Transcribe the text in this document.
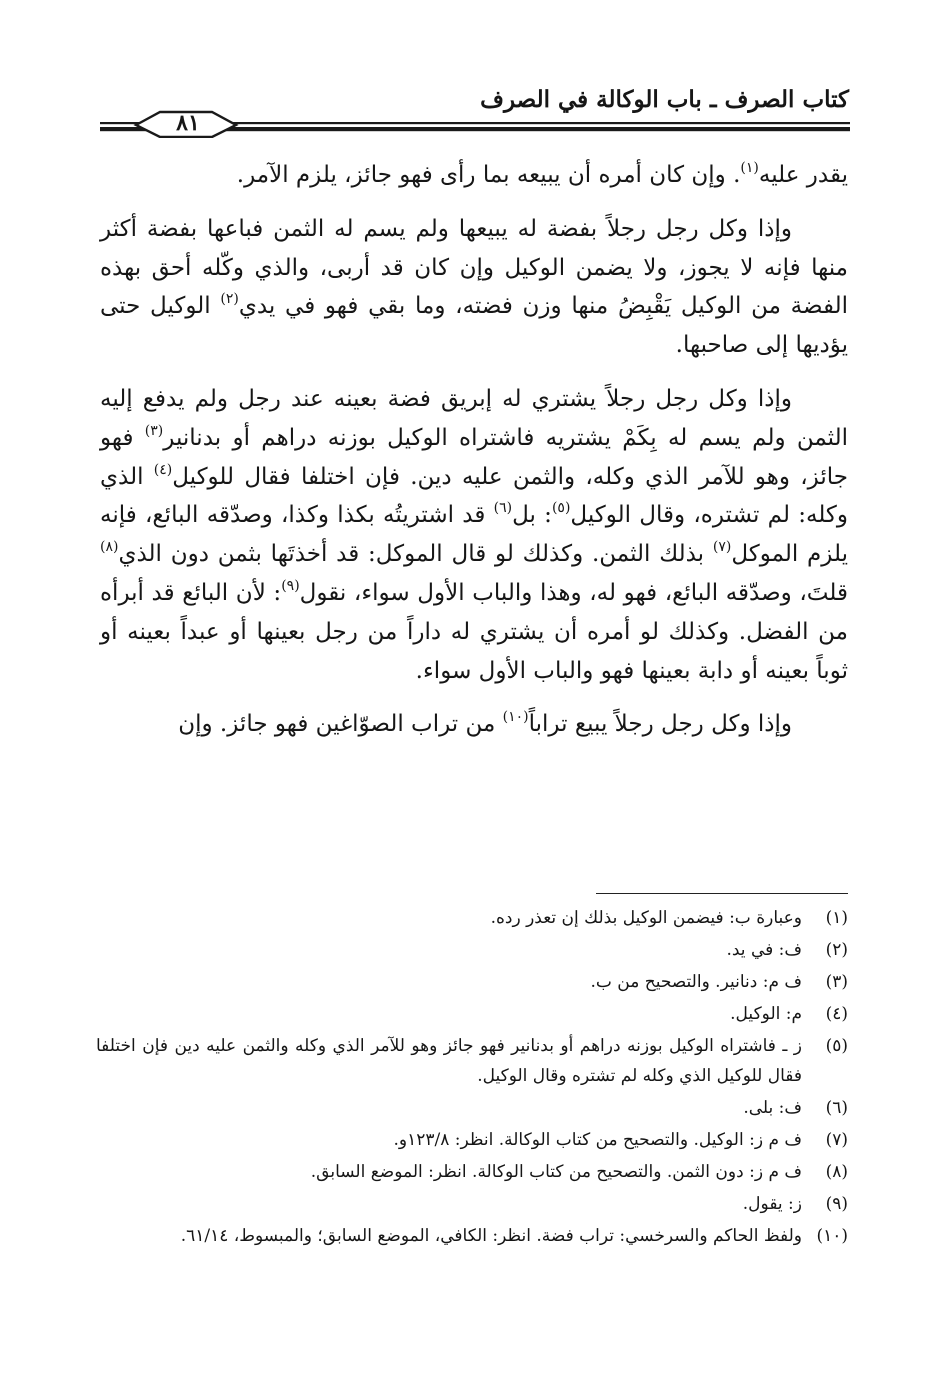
كتاب الصرف ـ باب الوكالة في الصرف
٨١

يقدر عليه$^{(١)}$. وإن كان أمره أن يبيعه بما رأى فهو جائز، يلزم الآمر.

وإذا وكل رجل رجلاً بفضة له يبيعها ولم يسم له الثمن فباعها بفضة أكثر منها فإنه لا يجوز، ولا يضمن الوكيل وإن كان قد أربى، والذي وكّله أحق بهذه الفضة من الوكيل يَقْبِضُ منها وزن فضته، وما بقي فهو في يدي$^{(٢)}$ الوكيل حتى يؤديها إلى صاحبها.

وإذا وكل رجل رجلاً يشتري له إبريق فضة بعينه عند رجل ولم يدفع إليه الثمن ولم يسم له بِكَمْ يشتريه فاشتراه الوكيل بوزنه دراهم أو بدنانير$^{(٣)}$ فهو جائز، وهو للآمر الذي وكله، والثمن عليه دين. فإن اختلفا فقال للوكيل$^{(٤)}$ الذي وكله: لم تشتره، وقال الوكيل$^{(٥)}$: بل$^{(٦)}$ قد اشتريتُه بكذا وكذا، وصدّقه البائع، فإنه يلزم الموكل$^{(٧)}$ بذلك الثمن. وكذلك لو قال الموكل: قد أخذتَها بثمن دون الذي$^{(٨)}$ قلتَ، وصدّقه البائع، فهو له، وهذا والباب الأول سواء، نقول$^{(٩)}$: لأن البائع قد أبرأه من الفضل. وكذلك لو أمره أن يشتري له داراً من رجل بعينها أو عبداً بعينه أو ثوباً بعينه أو دابة بعينها فهو والباب الأول سواء.

وإذا وكل رجل رجلاً يبيع تراباً$^{(١٠)}$ من تراب الصوّاغين فهو جائز. وإن

(١)
وعبارة ب: فيضمن الوكيل بذلك إن تعذر رده.
(٢)
ف: في يد.
(٣)
ف م: دنانير. والتصحيح من ب.
(٤)
م: الوكيل.
(٥)
ز ـ فاشتراه الوكيل بوزنه دراهم أو بدنانير فهو جائز وهو للآمر الذي وكله والثمن عليه دين فإن اختلفا فقال للوكيل الذي وكله لم تشتره وقال الوكيل.
(٦)
ف: بلى.
(٧)
ف م ز: الوكيل. والتصحيح من كتاب الوكالة. انظر: ١٢٣/٨و.
(٨)
ف م ز: دون الثمن. والتصحيح من كتاب الوكالة. انظر: الموضع السابق.
(٩)
ز: يقول.
(١٠)
ولفظ الحاكم والسرخسي: تراب فضة. انظر: الكافي، الموضع السابق؛ والمبسوط، ٦١/١٤.
